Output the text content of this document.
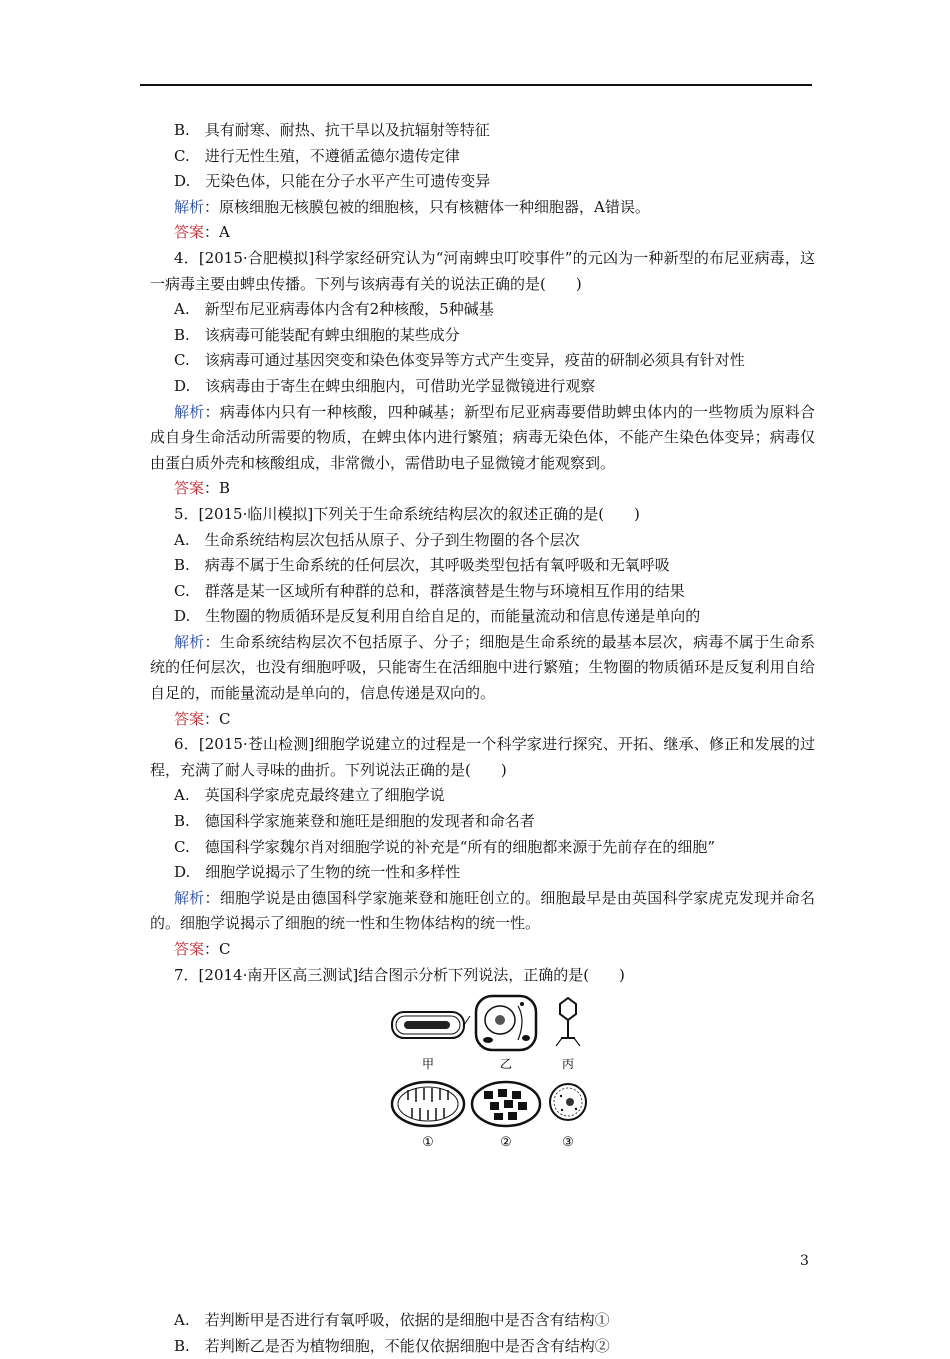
B.　具有耐寒、耐热、抗干旱以及抗辐射等特征
C.　进行无性生殖，不遵循孟德尔遗传定律
D.　无染色体，只能在分子水平产生可遗传变异
解析：原核细胞无核膜包被的细胞核，只有核糖体一种细胞器，A错误。
答案：A
4．[2015·合肥模拟]科学家经研究认为“河南蜱虫叮咬事件”的元凶为一种新型的布尼亚病毒，这一病毒主要由蜱虫传播。下列与该病毒有关的说法正确的是(　　)
A.　新型布尼亚病毒体内含有2种核酸，5种碱基
B.　该病毒可能装配有蜱虫细胞的某些成分
C.　该病毒可通过基因突变和染色体变异等方式产生变异，疫苗的研制必须具有针对性
D.　该病毒由于寄生在蜱虫细胞内，可借助光学显微镜进行观察
解析：病毒体内只有一种核酸，四种碱基；新型布尼亚病毒要借助蜱虫体内的一些物质为原料合成自身生命活动所需要的物质，在蜱虫体内进行繁殖；病毒无染色体，不能产生染色体变异；病毒仅由蛋白质外壳和核酸组成，非常微小，需借助电子显微镜才能观察到。
答案：B
5．[2015·临川模拟]下列关于生命系统结构层次的叙述正确的是(　　)
A.　生命系统结构层次包括从原子、分子到生物圈的各个层次
B.　病毒不属于生命系统的任何层次，其呼吸类型包括有氧呼吸和无氧呼吸
C.　群落是某一区域所有种群的总和，群落演替是生物与环境相互作用的结果
D.　生物圈的物质循环是反复利用自给自足的，而能量流动和信息传递是单向的
解析：生命系统结构层次不包括原子、分子；细胞是生命系统的最基本层次，病毒不属于生命系统的任何层次，也没有细胞呼吸，只能寄生在活细胞中进行繁殖；生物圈的物质循环是反复利用自给自足的，而能量流动是单向的，信息传递是双向的。
答案：C
6．[2015·苍山检测]细胞学说建立的过程是一个科学家进行探究、开拓、继承、修正和发展的过程，充满了耐人寻味的曲折。下列说法正确的是(　　)
A.　英国科学家虎克最终建立了细胞学说
B.　德国科学家施莱登和施旺是细胞的发现者和命名者
C.　德国科学家魏尔肖对细胞学说的补充是“所有的细胞都来源于先前存在的细胞”
D.　细胞学说揭示了生物的统一性和多样性
解析：细胞学说是由德国科学家施莱登和施旺创立的。细胞最早是由英国科学家虎克发现并命名的。细胞学说揭示了细胞的统一性和生物体结构的统一性。
答案：C
7．[2014·南开区高三测试]结合图示分析下列说法，正确的是(　　)
甲	乙	丙
①	②	③
A.　若判断甲是否进行有氧呼吸，依据的是细胞中是否含有结构①
B.　若判断乙是否为植物细胞，不能仅依据细胞中是否含有结构②
3
